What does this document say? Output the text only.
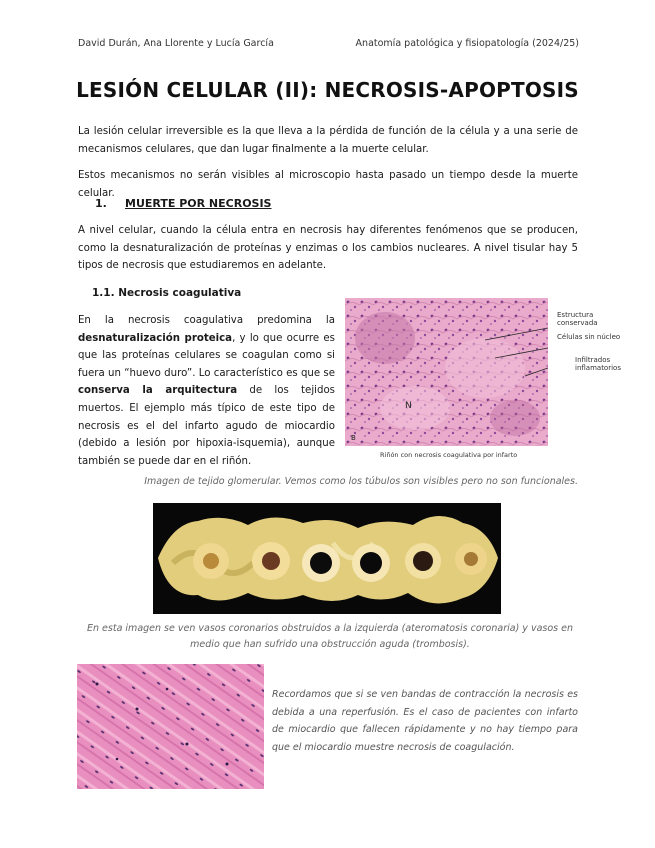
David Durán, Ana Llorente y Lucía García	Anatomía patológica y fisiopatología (2024/25)
LESIÓN CELULAR (II): NECROSIS-APOPTOSIS
La lesión celular irreversible es la que lleva a la pérdida de función de la célula y a una serie de mecanismos celulares, que dan lugar finalmente a la muerte celular.
Estos mecanismos no serán visibles al microscopio hasta pasado un tiempo desde la muerte celular.
1. MUERTE POR NECROSIS
A nivel celular, cuando la célula entra en necrosis hay diferentes fenómenos que se producen, como la desnaturalización de proteínas y enzimas o los cambios nucleares. A nivel tisular hay 5 tipos de necrosis que estudiaremos en adelante.
1.1. Necrosis coagulativa
En la necrosis coagulativa predomina la desnaturalización proteica, y lo que ocurre es que las proteínas celulares se coagulan como si fuera un “huevo duro”. Lo característico es que se conserva la arquitectura de los tejidos muertos. El ejemplo más típico de este tipo de necrosis es el del infarto agudo de miocardio (debido a lesión por hipoxia-isquemia), aunque también se puede dar en el riñón.
N
B
Estructura conservada
Células sin núcleo
Infiltrados inflamatorios
Riñón con necrosis coagulativa por infarto
Imagen de tejido glomerular. Vemos como los túbulos son visibles pero no son funcionales.
En esta imagen se ven vasos coronarios obstruidos a la izquierda (ateromatosis coronaria) y vasos en medio que han sufrido una obstrucción aguda (trombosis).
Recordamos que si se ven bandas de contracción la necrosis es debida a una reperfusión. Es el caso de pacientes con infarto de miocardio que fallecen rápidamente y no hay tiempo para que el miocardio muestre necrosis de coagulación.
